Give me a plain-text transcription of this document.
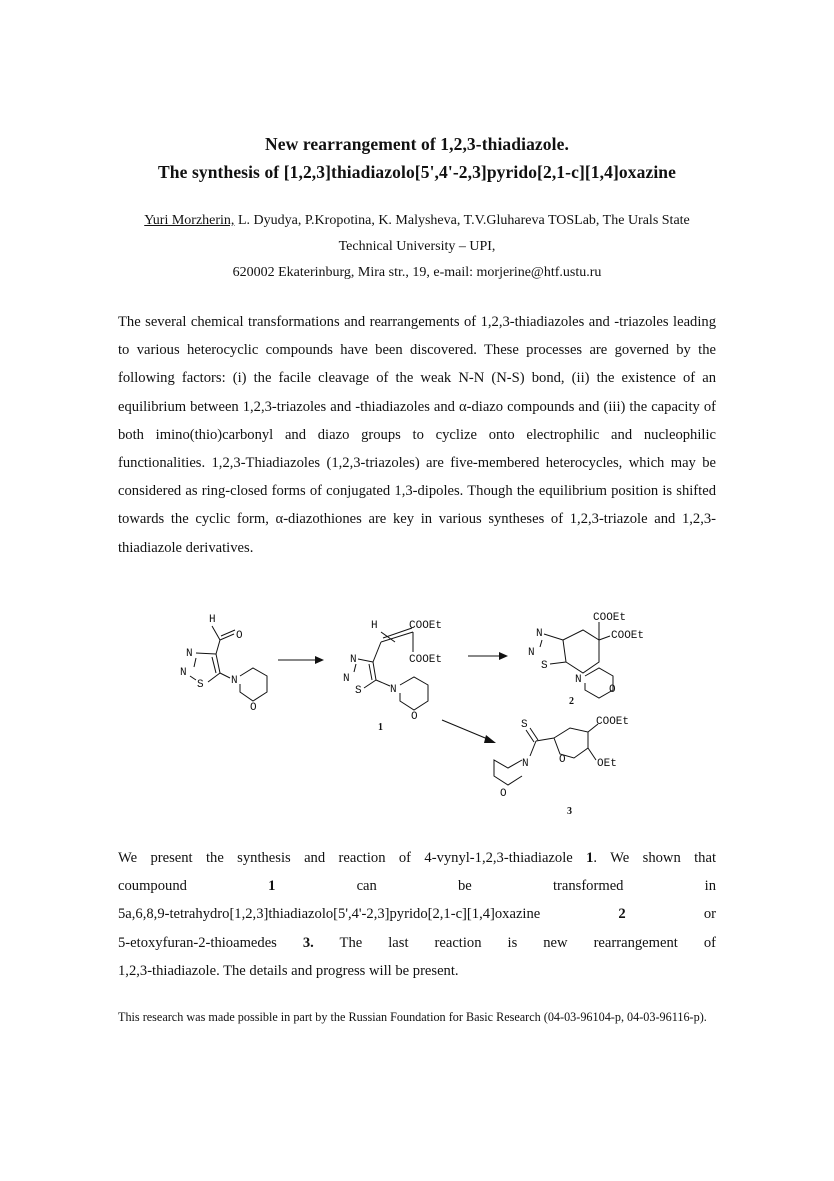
New rearrangement of 1,2,3-thiadiazole.
The synthesis of [1,2,3]thiadiazolo[5',4'-2,3]pyrido[2,1-c][1,4]oxazine
Yuri Morzherin, L. Dyudya, P.Kropotina, K. Malysheva, T.V.Gluhareva TOSLab, The Urals State Technical University – UPI,
620002 Ekaterinburg, Mira str., 19, e-mail: morjerine@htf.ustu.ru
The several chemical transformations and rearrangements of 1,2,3-thiadiazoles and -triazoles leading to various heterocyclic compounds have been discovered. These processes are governed by the following factors: (i) the facile cleavage of the weak N-N (N-S) bond, (ii) the existence of an equilibrium between 1,2,3-triazoles and -thiadiazoles and α-diazo compounds and (iii) the capacity of both imino(thio)carbonyl and diazo groups to cyclize onto electrophilic and nucleophilic functionalities. 1,2,3-Thiadiazoles (1,2,3-triazoles) are five-membered heterocycles, which may be considered as ring-closed forms of conjugated 1,3-dipoles. Though the equilibrium position is shifted towards the cyclic form, α-diazothiones are key in various syntheses of 1,2,3-triazole and 1,2,3-thiadiazole derivatives.
H
O
N
N
S N
O
H	COOEt
COOEt
N
N
S	N
O
1
COOEt
COOEt
N
N
S
N
O
2
S
N
O
O
COOEt
OEt
3
We present the synthesis and reaction of 4-vynyl-1,2,3-thiadiazole 1. We shown that
coumpound	1	can	be	transformed	in
5a,6,8,9-tetrahydro[1,2,3]thiadiazolo[5',4'-2,3]pyrido[2,1-c][1,4]oxazine	2	or
5-etoxyfuran-2-thioamedes 3. The last reaction is new rearrangement of
1,2,3-thiadiazole. The details and progress will be present.
This research was made possible in part by the Russian Foundation for Basic Research (04-03-96104-p, 04-03-96116-p).
